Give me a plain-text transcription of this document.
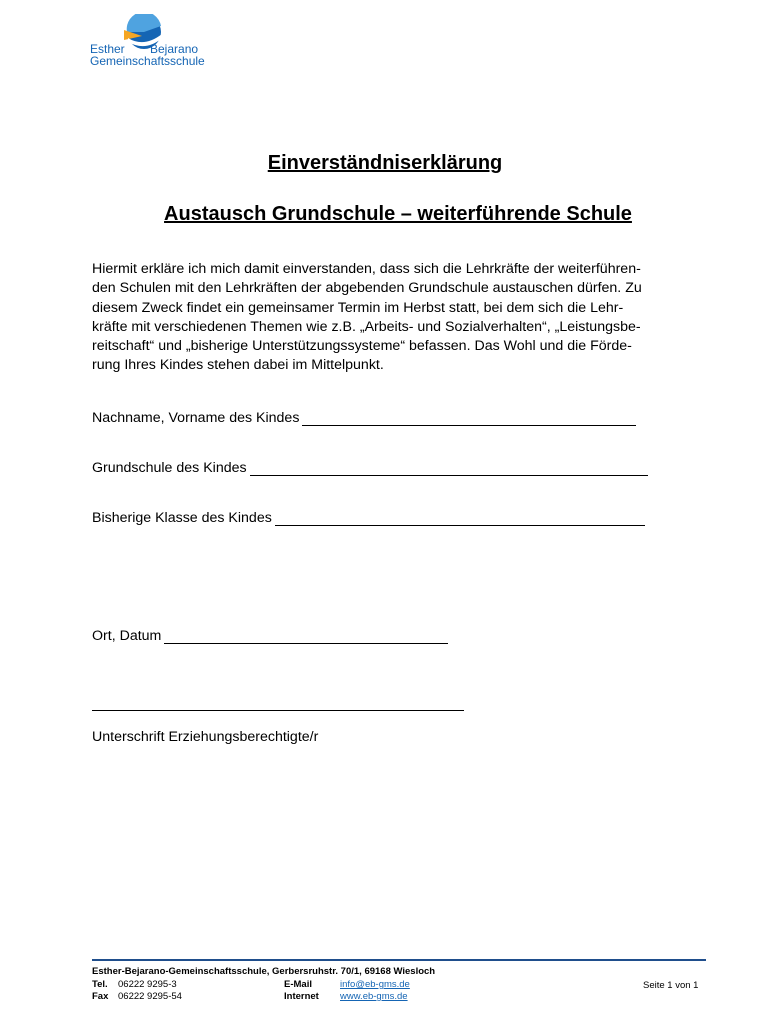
Esther Bejarano
Gemeinschaftsschule
Einverständniserklärung
Austausch Grundschule – weiterführende Schule
Hiermit erkläre ich mich damit einverstanden, dass sich die Lehrkräfte der weiterführen-
den Schulen mit den Lehrkräften der abgebenden Grundschule austauschen dürfen. Zu
diesem Zweck findet ein gemeinsamer Termin im Herbst statt, bei dem sich die Lehr-
kräfte mit verschiedenen Themen wie z.B. „Arbeits- und Sozialverhalten“, „Leistungsbe-
reitschaft“ und „bisherige Unterstützungssysteme“ befassen. Das Wohl und die Förde-
rung Ihres Kindes stehen dabei im Mittelpunkt.
Nachname, Vorname des Kindes
Grundschule des Kindes
Bisherige Klasse des Kindes
Ort, Datum
Unterschrift Erziehungsberechtigte/r
Esther-Bejarano-Gemeinschaftsschule, Gerbersruhstr. 70/1, 69168 Wiesloch
Tel. 06222 9295-3
Fax 06222 9295-54
E-Mail	info@eb-gms.de
Internet www.eb-gms.de
Seite 1 von 1
